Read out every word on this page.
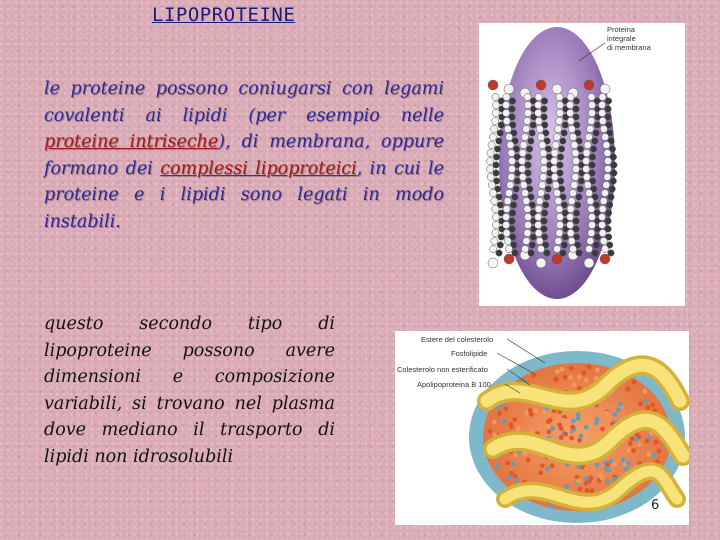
LIPOPROTEINE
le proteine possono coniugarsi con legami covalenti ai lipidi (per esempio nelle proteine intriseche), di membrana, oppure formano dei complessi lipoproteici, in cui le proteine e i lipidi sono legati in modo instabili.
questo secondo tipo di lipoproteine possono avere dimensioni e composizione variabili, si trovano nel plasma dove mediano il trasporto di lipidi non idrosolubili
Proteina
integrale
di membrana
Estere del colesterolo
Fosfolipide
Colesterolo non esterificato
Apolipoproteina B 100
6
